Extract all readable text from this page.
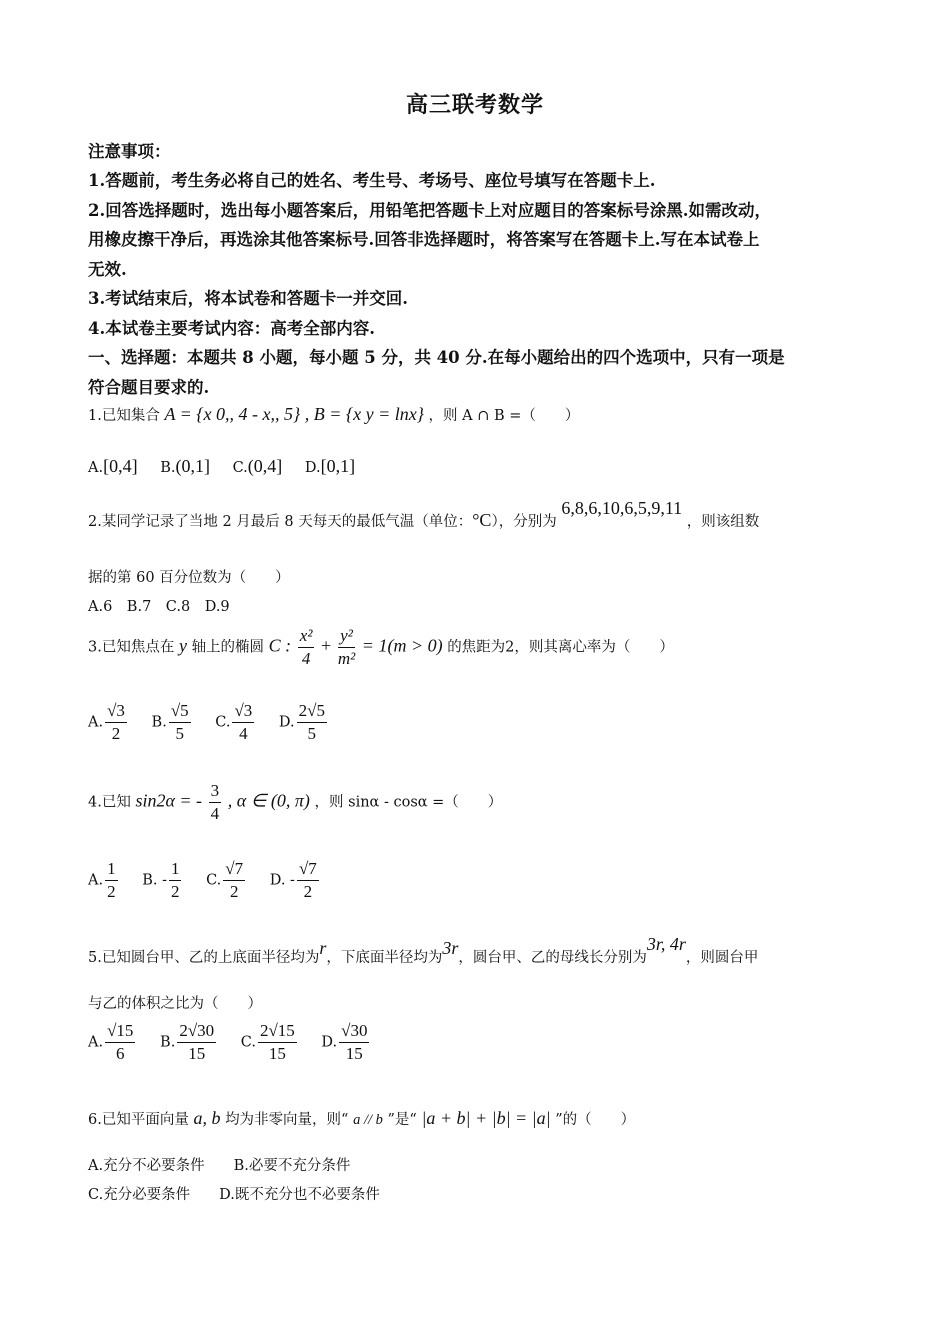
高三联考数学
注意事项：
1.答题前，考生务必将自己的姓名、考生号、考场号、座位号填写在答题卡上.
2.回答选择题时，选出每小题答案后，用铅笔把答题卡上对应题目的答案标号涂黑.如需改动，
用橡皮擦干净后，再选涂其他答案标号.回答非选择题时，将答案写在答题卡上.写在本试卷上
无效.
3.考试结束后，将本试卷和答题卡一并交回.
4.本试卷主要考试内容：高考全部内容.
一、选择题：本题共 8 小题，每小题 5 分，共 40 分.在每小题给出的四个选项中，只有一项是
符合题目要求的.
1.已知集合 A = {x 0,, 4 - x,, 5} , B = {x y = lnx} ，则 A ∩ B =（　　）
A.[0,4] B.(0,1] C.(0,4] D.[0,1]
2.某同学记录了当地 2 月最后 8 天每天的最低气温（单位：°C），分别为 6,8,6,10,6,5,9,11 ，则该组数
据的第 60 百分位数为（　　）
A.6　B.7　C.8　D.9
3.已知焦点在 y 轴上的椭圆 C : $\frac{\text{x²}}{4} + \frac{\text{y²}}{\text{m²}} = 1(m > 0)$ 的焦距为2，则其离心率为（　　）
A. $\frac{√3}{2} B$. $\frac{√5}{5} C$. $\frac{√3}{4} D$. $\frac{2√5}{5}$
4.已知 sin2α = - $\frac{3}{4}$ , α ∈ (0, π) ，则 sinα - cosα =（　　）
A. $\frac{1}{2} B$. - $\frac{1}{2} C$. $\frac{√7}{2} D$. - $\frac{√7}{2}$
5.已知圆台甲、乙的上底面半径均为r，下底面半径均为3r，圆台甲、乙的母线长分别为3r, 4r，则圆台甲
与乙的体积之比为（　　）
A. $\frac{√15}{6} B$. $\frac{2√30}{15} C$. $\frac{2√15}{15} D$. $\frac{√30}{15}$
6.已知平面向量 a, b 均为非零向量，则“ a // b ”是“ |a + b| + |b| = |a| ”的（　　）
A.充分不必要条件　　B.必要不充分条件
C.充分必要条件　　D.既不充分也不必要条件
